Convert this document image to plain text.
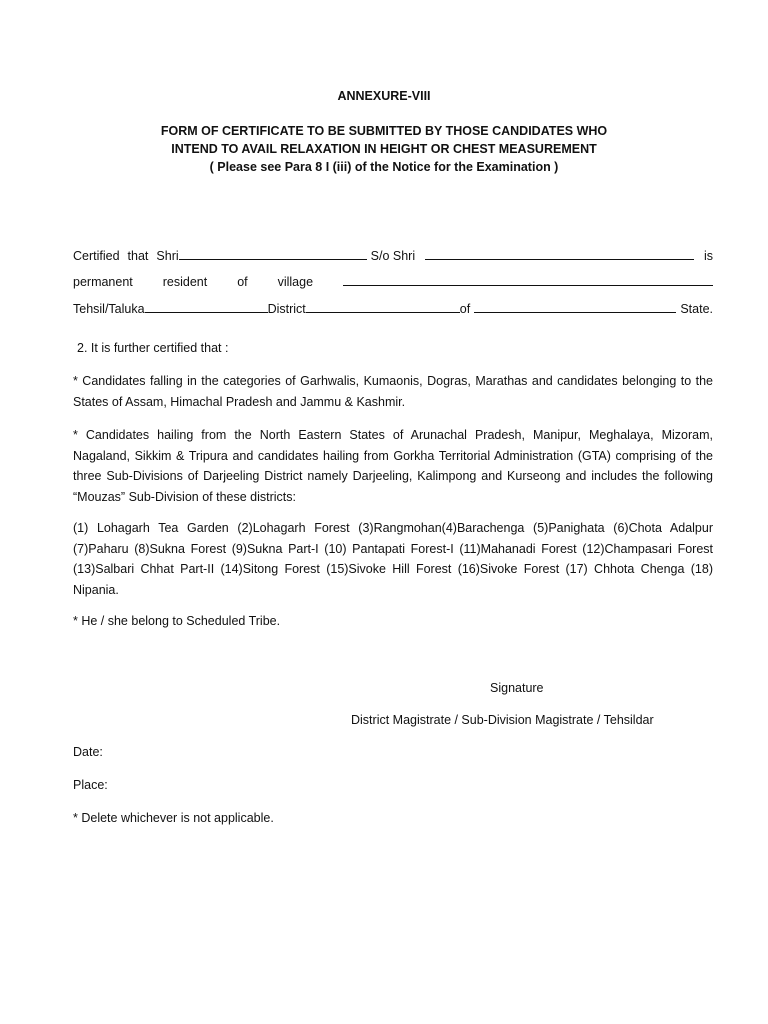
ANNEXURE-VIII
FORM OF CERTIFICATE TO BE SUBMITTED BY THOSE CANDIDATES WHO
INTEND TO AVAIL RELAXATION IN HEIGHT OR CHEST MEASUREMENT
( Please see Para 8 I (iii) of the Notice for the Examination )
Certified that Shri	S/o Shri	is
permanent resident of village
Tehsil/Taluka	District	of	State.
2. It is further certified that :
* Candidates falling in the categories of Garhwalis, Kumaonis, Dogras, Marathas and candidates belonging to the States of Assam, Himachal Pradesh and Jammu & Kashmir.
* Candidates hailing from the North Eastern States of Arunachal Pradesh, Manipur, Meghalaya, Mizoram, Nagaland, Sikkim & Tripura and candidates hailing from Gorkha Territorial Administration (GTA) comprising of the three Sub-Divisions of Darjeeling District namely Darjeeling, Kalimpong and Kurseong and includes the following “Mouzas” Sub-Division of these districts:
(1) Lohagarh Tea Garden (2)Lohagarh Forest (3)Rangmohan(4)Barachenga (5)Panighata (6)Chota Adalpur (7)Paharu (8)Sukna Forest (9)Sukna Part-I (10) Pantapati Forest-I (11)Mahanadi Forest (12)Champasari Forest (13)Salbari Chhat Part-II (14)Sitong Forest (15)Sivoke Hill Forest (16)Sivoke Forest (17) Chhota Chenga (18) Nipania.
* He / she belong to Scheduled Tribe.
Signature
District Magistrate / Sub-Division Magistrate / Tehsildar
Date:
Place:
* Delete whichever is not applicable.
